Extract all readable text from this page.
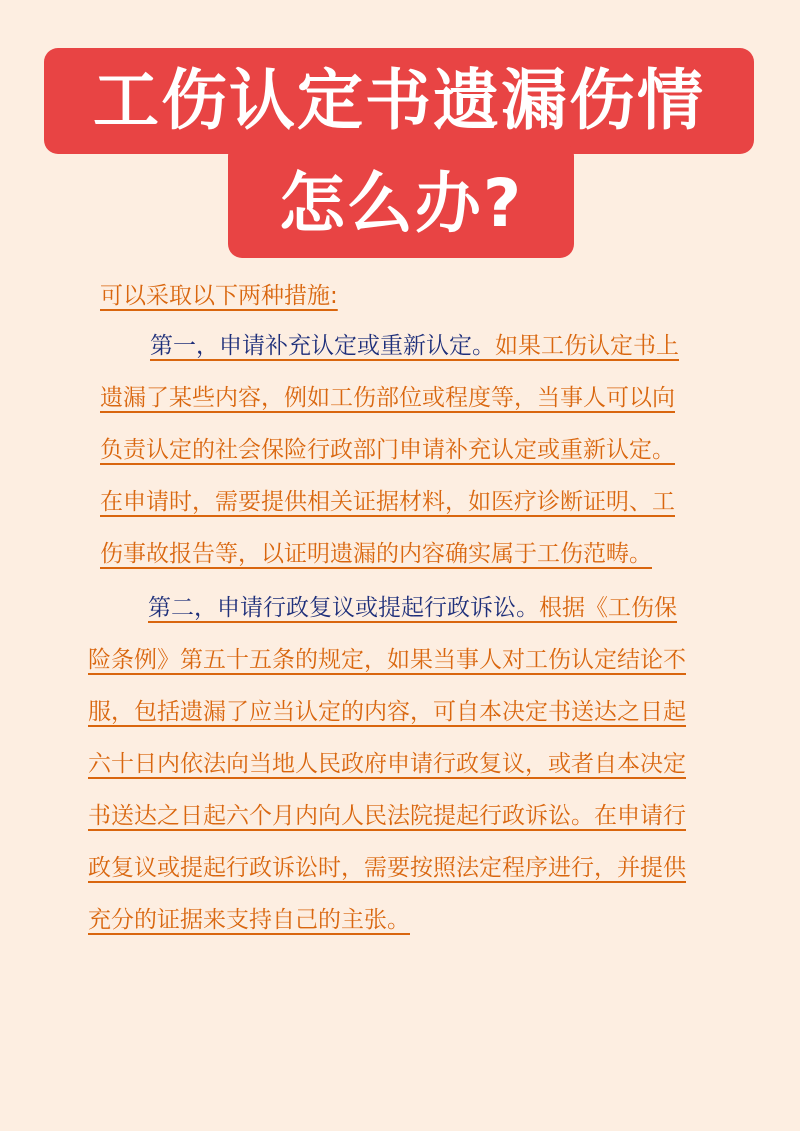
工伤认定书遗漏伤情
怎么办?
可以采取以下两种措施:
第一，申请补充认定或重新认定。如果工伤认定书上
遗漏了某些内容，例如工伤部位或程度等，当事人可以向
负责认定的社会保险行政部门申请补充认定或重新认定。
在申请时，需要提供相关证据材料，如医疗诊断证明、工
伤事故报告等，以证明遗漏的内容确实属于工伤范畴。
第二，申请行政复议或提起行政诉讼。根据《工伤保
险条例》第五十五条的规定，如果当事人对工伤认定结论不
服，包括遗漏了应当认定的内容，可自本决定书送达之日起
六十日内依法向当地人民政府申请行政复议，或者自本决定
书送达之日起六个月内向人民法院提起行政诉讼。在申请行
政复议或提起行政诉讼时，需要按照法定程序进行，并提供
充分的证据来支持自己的主张。
